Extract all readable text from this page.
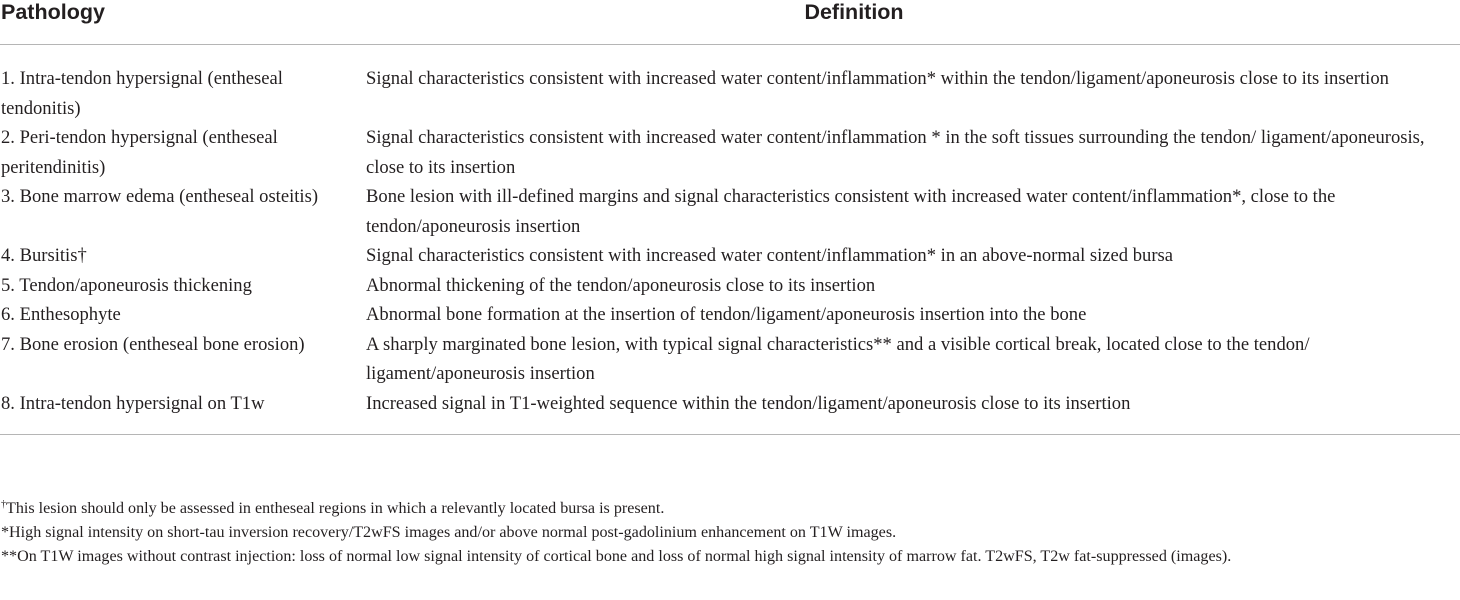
Pathology	Definition
1. Intra-tendon hypersignal (entheseal tendonitis)	Signal characteristics consistent with increased water content/inflammation* within the tendon/ligament/aponeurosis close to its insertion
2. Peri-tendon hypersignal (entheseal peritendinitis)	Signal characteristics consistent with increased water content/inflammation * in the soft tissues surrounding the tendon/ ligament/aponeurosis, close to its insertion
3. Bone marrow edema (entheseal osteitis)	Bone lesion with ill-defined margins and signal characteristics consistent with increased water content/inflammation*, close to the tendon/aponeurosis insertion
4. Bursitis†	Signal characteristics consistent with increased water content/inflammation* in an above-normal sized bursa
5. Tendon/aponeurosis thickening	Abnormal thickening of the tendon/aponeurosis close to its insertion
6. Enthesophyte	Abnormal bone formation at the insertion of tendon/ligament/aponeurosis insertion into the bone
7. Bone erosion (entheseal bone erosion)	A sharply marginated bone lesion, with typical signal characteristics** and a visible cortical break, located close to the tendon/ ligament/aponeurosis insertion
8. Intra-tendon hypersignal on T1w	Increased signal in T1-weighted sequence within the tendon/ligament/aponeurosis close to its insertion

†This lesion should only be assessed in entheseal regions in which a relevantly located bursa is present.

*High signal intensity on short-tau inversion recovery/T2wFS images and/or above normal post-gadolinium enhancement on T1W images.

**On T1W images without contrast injection: loss of normal low signal intensity of cortical bone and loss of normal high signal intensity of marrow fat. T2wFS, T2w fat-suppressed (images).
